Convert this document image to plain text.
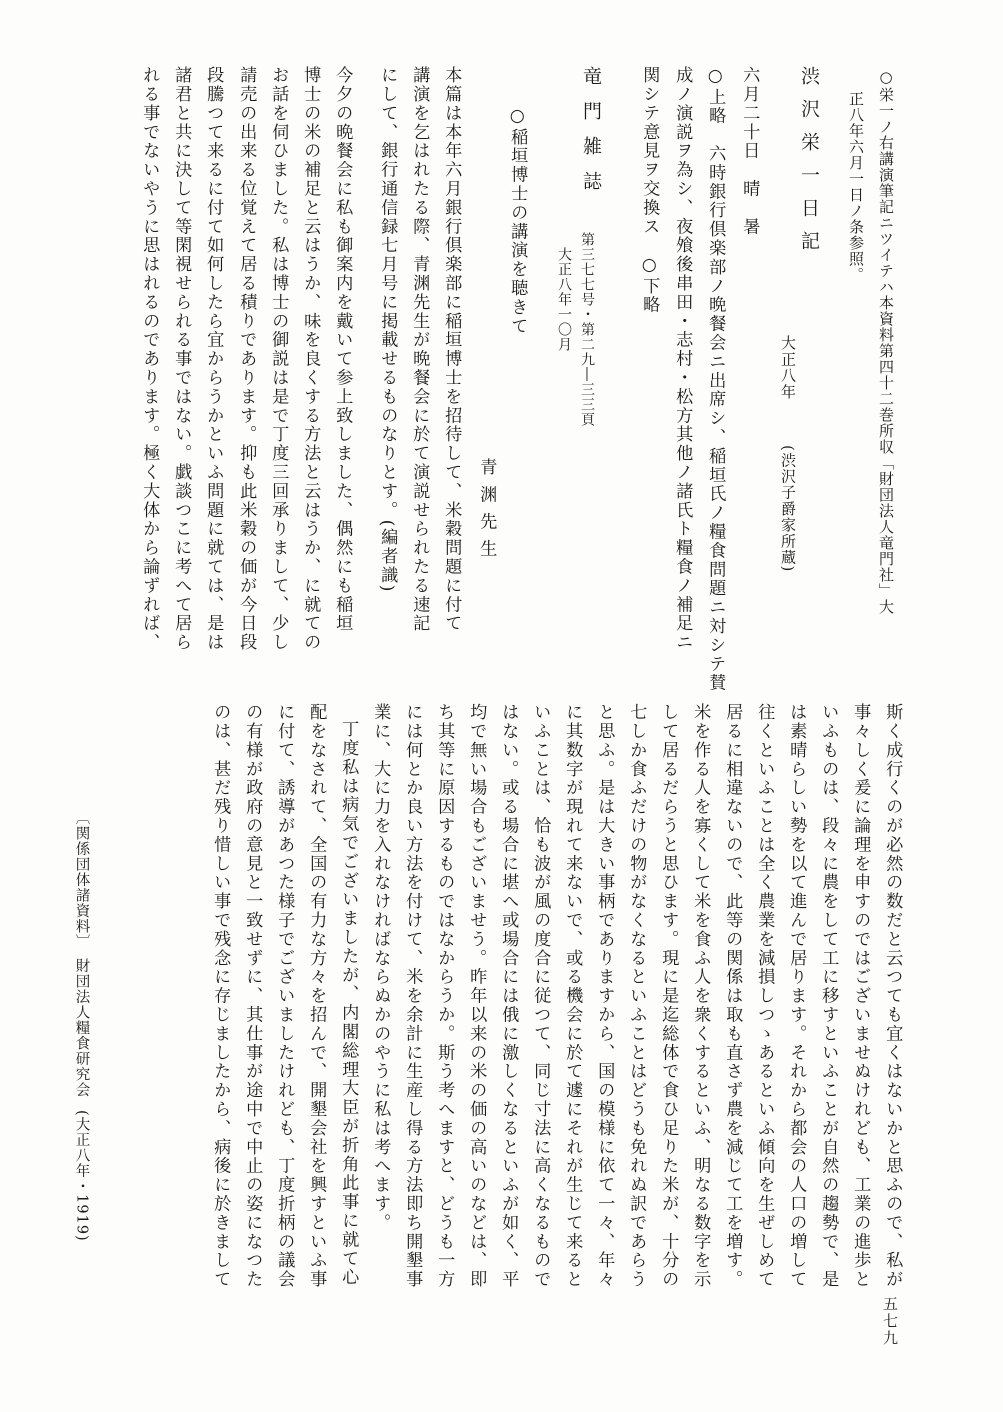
○栄一ノ右講演筆記ニツイテハ本資料第四十二巻所収「財団法人竜門社」大
正八年六月一日ノ条参照。
渋沢栄一日記
大正八年
(渋沢子爵家所蔵)
六月二十日　晴　暑
○上略　六時銀行倶楽部ノ晩餐会ニ出席シ、稲垣氏ノ糧食問題ニ対シテ賛
成ノ演説ヲ為シ、夜飧後串田・志村・松方其他ノ諸氏ト糧食ノ補足ニ
関シテ意見ヲ交換ス　○下略
竜門雑誌
第三七七号・第二九―三三頁
大正八年一〇月
○稲垣博士の講演を聴きて
青渊先生
本篇は本年六月銀行倶楽部に稲垣博士を招待して、米穀問題に付て
講演を乞はれたる際、青渊先生が晩餐会に於て演説せられたる速記
にして、銀行通信録七月号に掲載せるものなりとす。(編者識)
今夕の晩餐会に私も御案内を戴いて参上致しました、偶然にも稲垣
博士の米の補足と云はうか、味を良くする方法と云はうか、に就ての
お話を伺ひました。私は博士の御説は是で丁度三回承りまして、少し
請売の出来る位覚えて居る積りであります。抑も此米穀の価が今日段
段騰つて来るに付て如何したら宜からうかといふ問題に就ては、是は
諸君と共に決して等閑視せられる事ではない。戯談つこに考へて居ら
れる事でないやうに思はれるのであります。極く大体から論ずれば、
〔関係団体諸資料〕
財団法人糧食研究会
(大正八年・1919)	斯く成行くのが必然の数だと云つても宜くはないかと思ふので、私が
事々しく爰に論理を申すのではございませぬけれども、工業の進歩と
いふものは、段々に農をして工に移すといふことが自然の趨勢で、是
は素晴らしい勢を以て進んで居ります。それから都会の人口の増して
往くといふことは全く農業を減損しつゝあるといふ傾向を生ぜしめて
居るに相違ないので、此等の関係は取も直さず農を減じて工を増す。
米を作る人を寡くして米を食ふ人を衆くするといふ、明なる数字を示
して居るだらうと思ひます。現に是迄総体で食ひ足りた米が、十分の
七しか食ふだけの物がなくなるといふことはどうも免れぬ訳であらう
と思ふ。是は大きい事柄でありますから、国の模様に依て一々、年々
に其数字が現れて来ないで、或る機会に於て遽にそれが生じて来ると
いふことは、恰も波が風の度合に従つて、同じ寸法に高くなるもので
はない。或る場合に堪へ或場合には俄に激しくなるといふが如く、平
均で無い場合もございませう。昨年以来の米の価の高いのなどは、即
ち其等に原因するものではなからうか。斯う考へますと、どうも一方
には何とか良い方法を付けて、米を余計に生産し得る方法即ち開墾事
業に、大に力を入れなければならぬかのやうに私は考へます。
丁度私は病気でございましたが、内閣総理大臣が折角此事に就て心
配をなされて、全国の有力な方々を招んで、開墾会社を興すといふ事
に付て、誘導があつた様子でございましたけれども、丁度折柄の議会
の有様が政府の意見と一致せずに、其仕事が途中で中止の姿になつた
のは、甚だ残り惜しい事で残念に存じましたから、病後に於きまして
五七九
